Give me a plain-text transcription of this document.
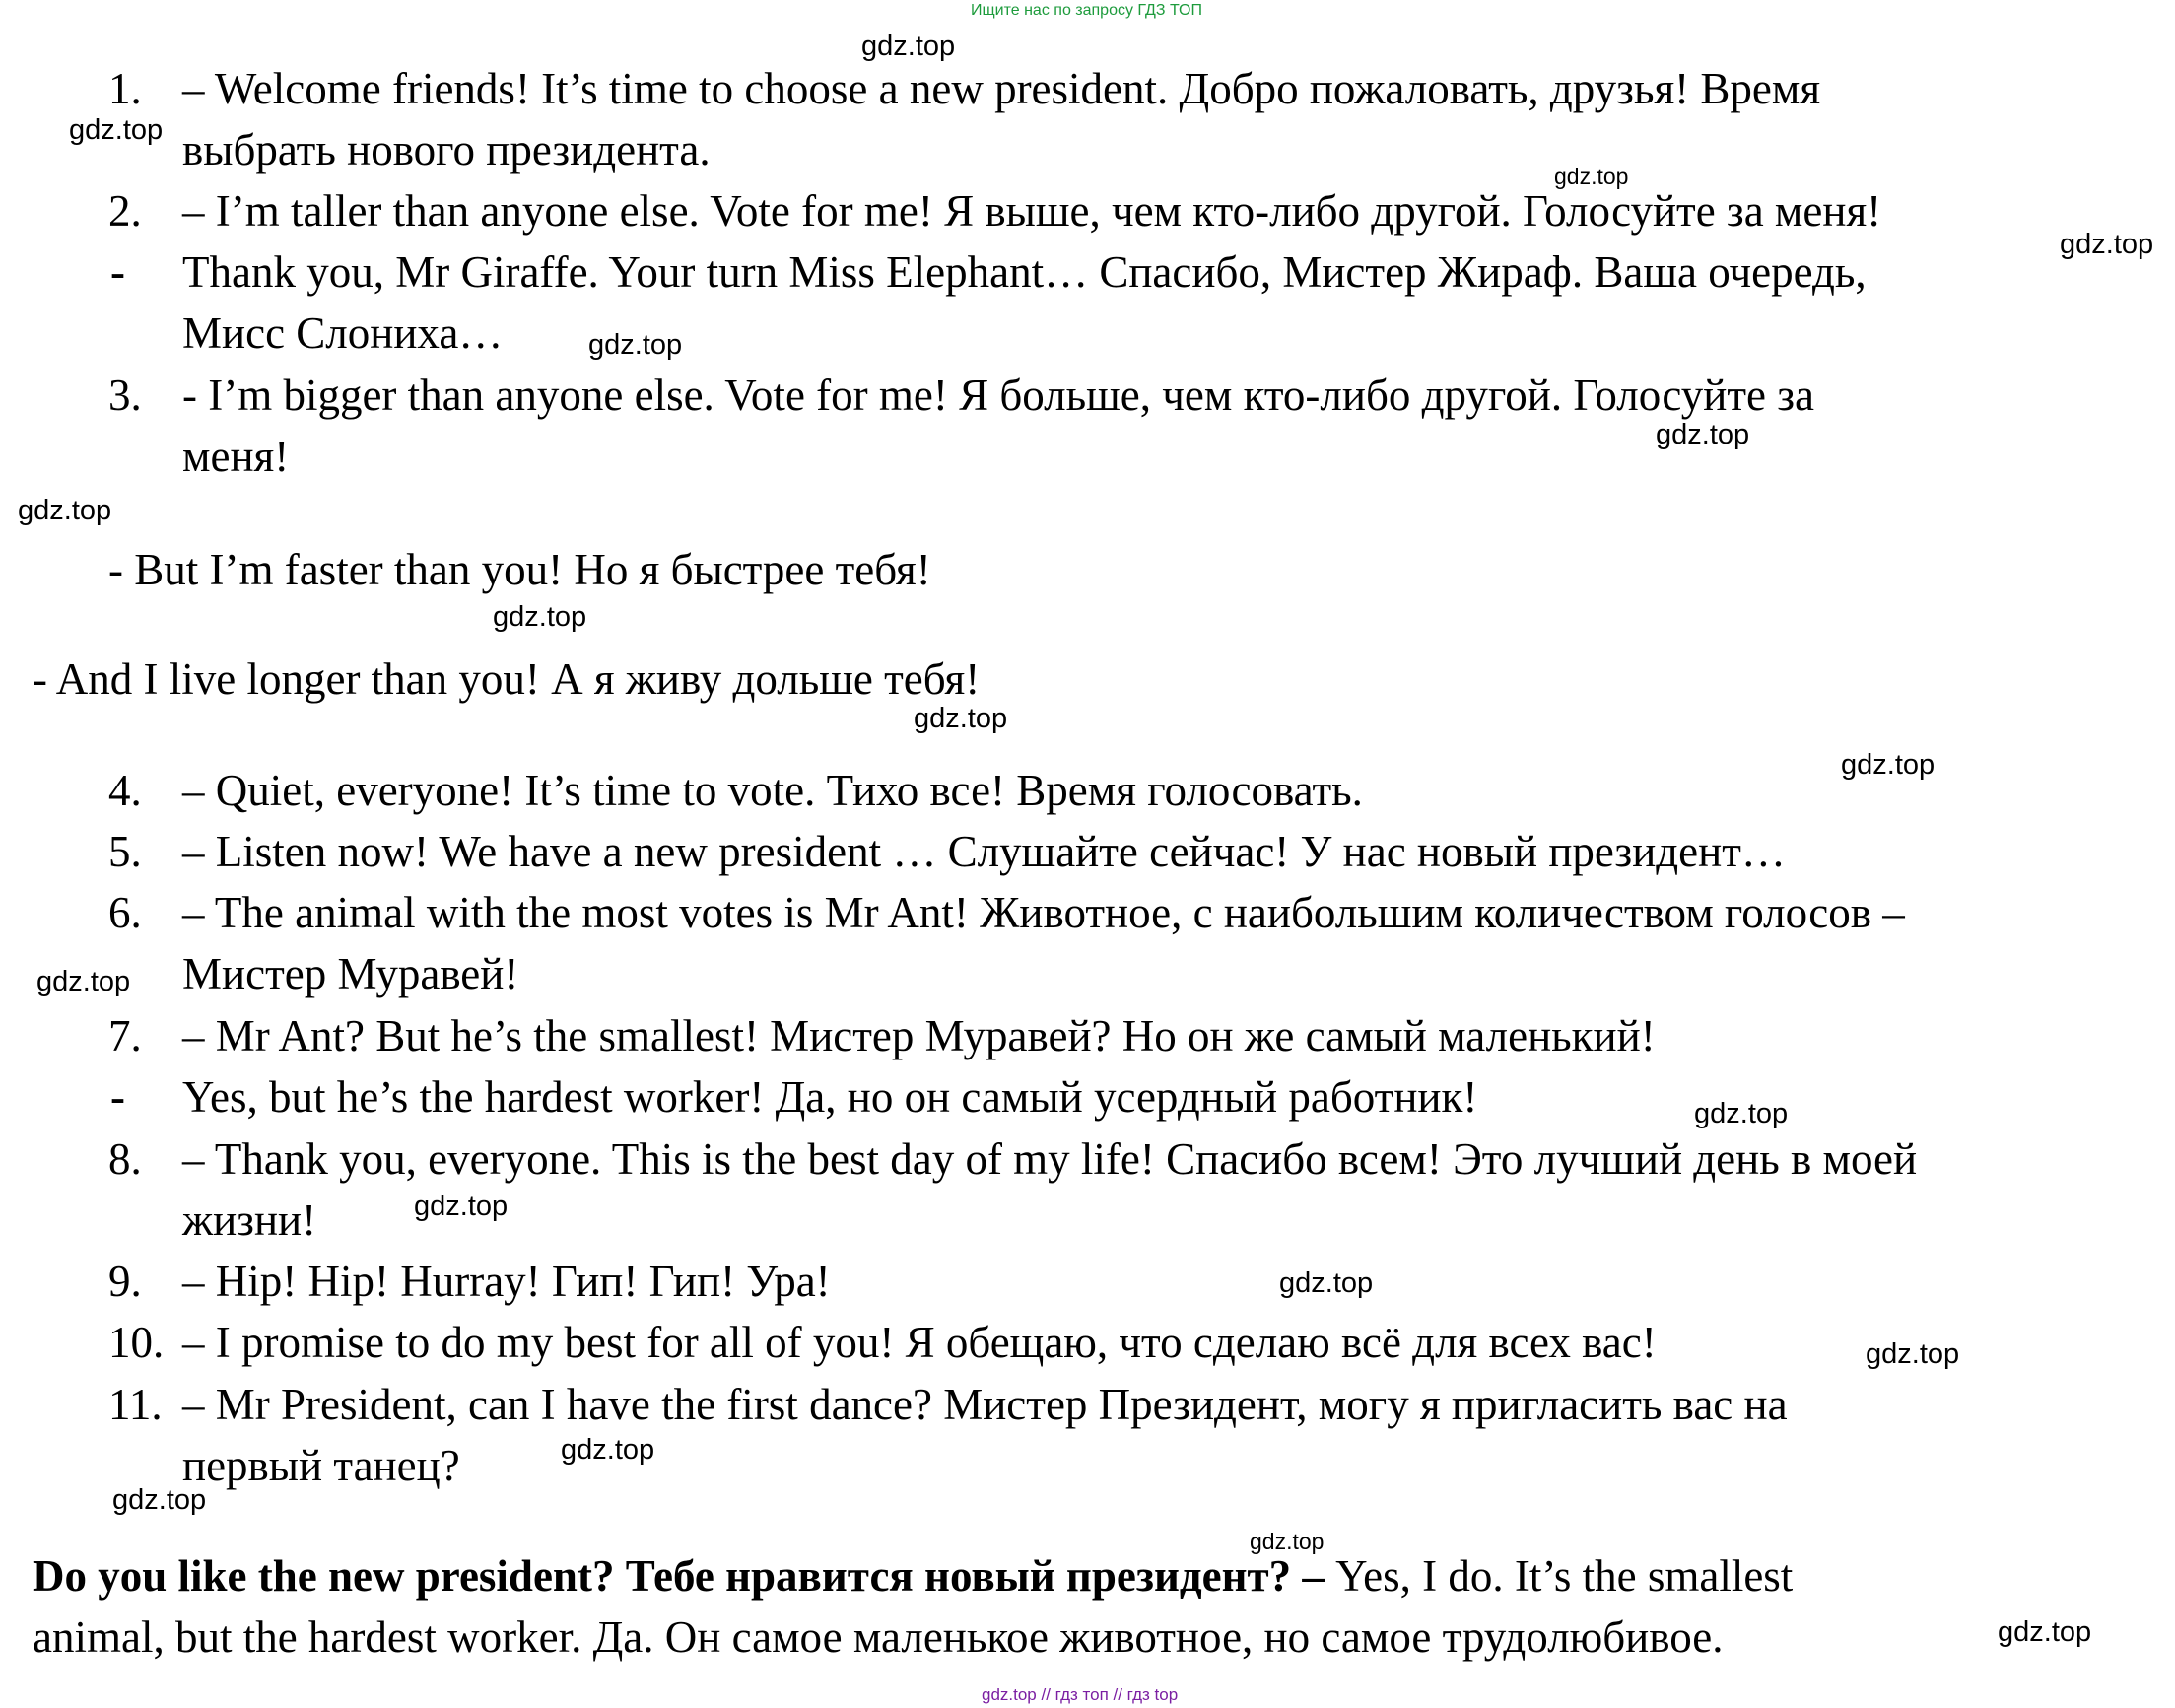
Ищите нас по запросу ГДЗ ТОП
1. – Welcome friends! It’s time to choose a new president. Добро пожаловать, друзья! Время
выбрать нового президента.
2. – I’m taller than anyone else. Vote for me! Я выше, чем кто-либо другой. Голосуйте за меня!
- Thank you, Mr Giraffe. Your turn Miss Elephant… Спасибо, Мистер Жираф. Ваша очередь,
Мисс Слониха…
3. - I’m bigger than anyone else. Vote for me! Я больше, чем кто-либо другой. Голосуйте за
меня!
- But I’m faster than you! Но я быстрее тебя!
- And I live longer than you! А я живу дольше тебя!
4. – Quiet, everyone! It’s time to vote. Тихо все! Время голосовать.
5. – Listen now! We have a new president … Слушайте сейчас! У нас новый президент…
6. – The animal with the most votes is Mr Ant! Животное, с наибольшим количеством голосов –
Мистер Муравей!
7. – Mr Ant? But he’s the smallest! Мистер Муравей? Но он же самый маленький!
- Yes, but he’s the hardest worker! Да, но он самый усердный работник!
8. – Thank you, everyone. This is the best day of my life! Спасибо всем! Это лучший день в моей
жизни!
9. – Hip! Hip! Hurray! Гип! Гип! Ура!
10. – I promise to do my best for all of you! Я обещаю, что сделаю всё для всех вас!
11. – Mr President, can I have the first dance? Мистер Президент, могу я пригласить вас на
первый танец?
Do you like the new president? Тебе нравится новый президент? – Yes, I do. It’s the smallest
animal, but the hardest worker. Да. Он самое маленькое животное, но самое трудолюбивое.
gdz.top
gdz.top
gdz.top
gdz.top
gdz.top
gdz.top
gdz.top
gdz.top
gdz.top
gdz.top
gdz.top
gdz.top
gdz.top
gdz.top
gdz.top
gdz.top
gdz.top
gdz.top
gdz.top
gdz.top // гдз топ // гдз top
